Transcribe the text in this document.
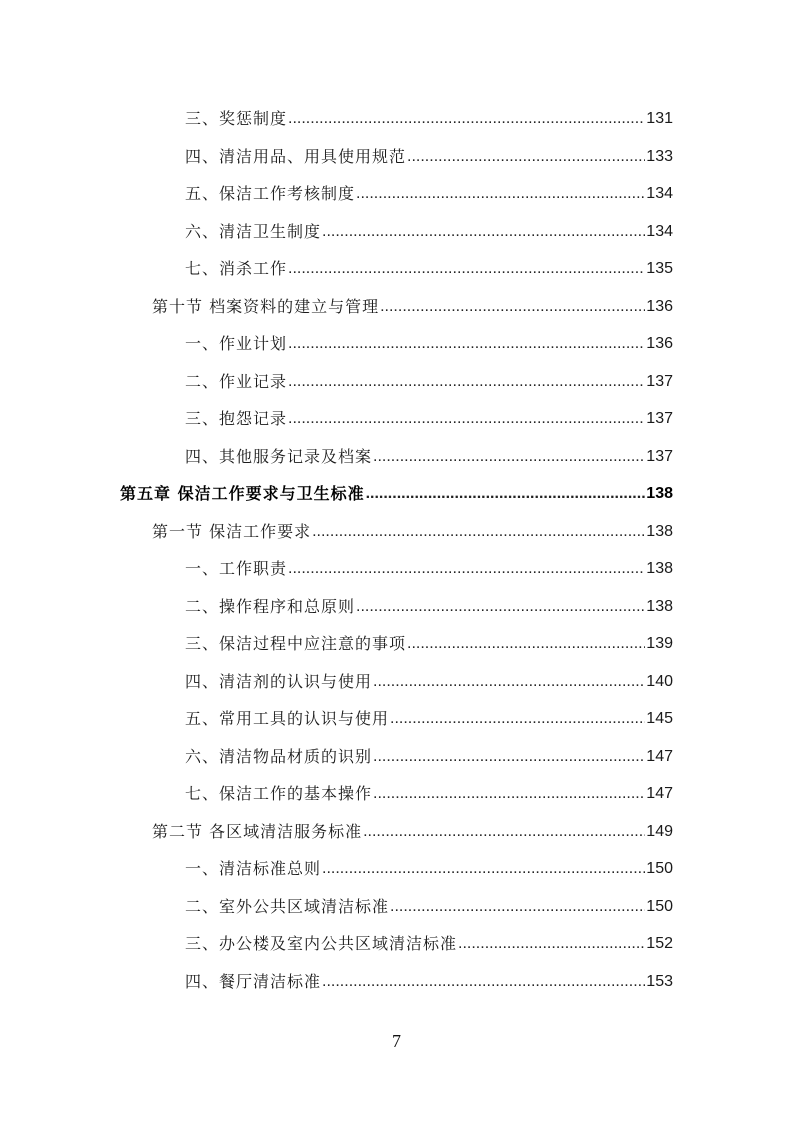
三、奖惩制度 .....	131
四、清洁用品、用具使用规范 .....	133
五、保洁工作考核制度 .....	134
六、清洁卫生制度 .....	134
七、消杀工作 .....	135
第十节 档案资料的建立与管理 .....	136
一、作业计划 .....	136
二、作业记录 .....	137
三、抱怨记录 .....	137
四、其他服务记录及档案 .....	137
第五章 保洁工作要求与卫生标准 .....	138
第一节 保洁工作要求 .....	138
一、工作职责 .....	138
二、操作程序和总原则 .....	138
三、保洁过程中应注意的事项 .....	139
四、清洁剂的认识与使用 .....	140
五、常用工具的认识与使用 .....	145
六、清洁物品材质的识别 .....	147
七、保洁工作的基本操作 .....	147
第二节 各区域清洁服务标准 .....	149
一、清洁标准总则 .....	150
二、室外公共区域清洁标准 .....	150
三、办公楼及室内公共区域清洁标准 .....	152
四、餐厅清洁标准 .....	153
7
